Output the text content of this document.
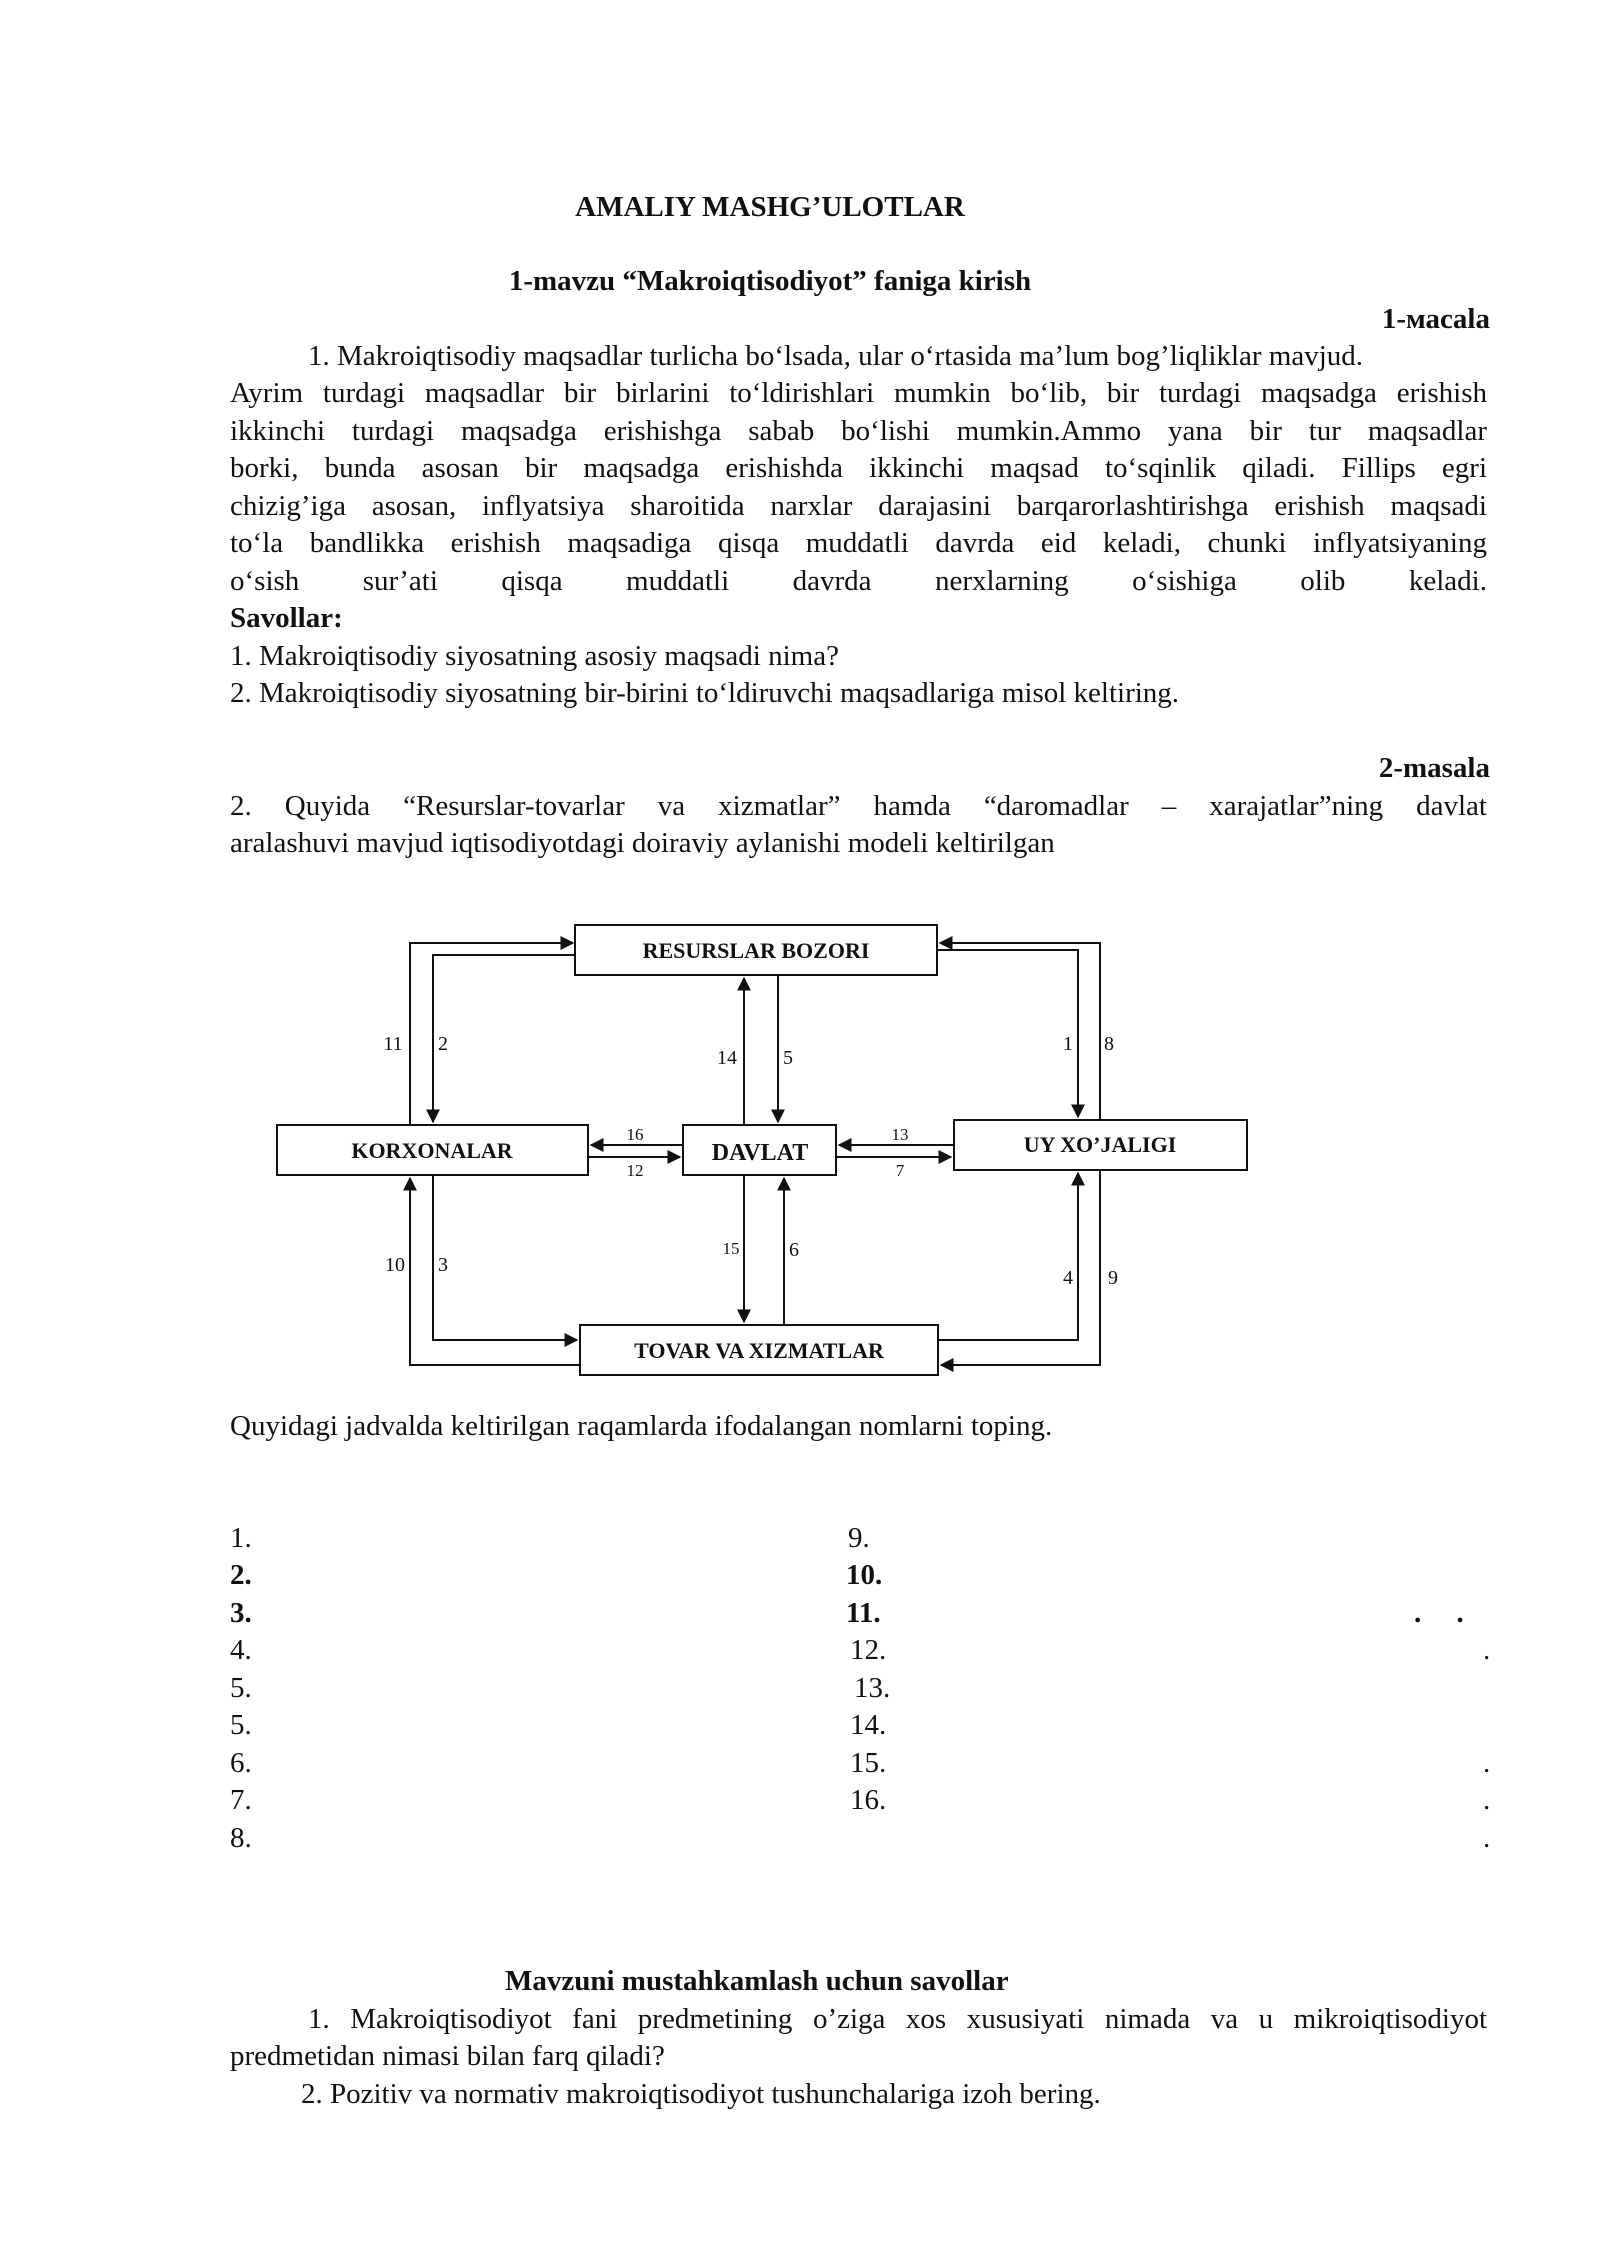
AMALIY MASHG’ULOTLAR
1-mavzu “Makroiqtisodiyot” faniga kirish
1-масala
1. Makroiqtisodiy maqsadlar turlicha bo‘lsada, ular o‘rtasida ma’lum bog’liqliklar mavjud.
Ayrim turdagi maqsadlar bir birlarini to‘ldirishlari mumkin bo‘lib, bir turdagi maqsadga erishish
ikkinchi turdagi maqsadga erishishga sabab bo‘lishi mumkin.Ammo yana bir tur maqsadlar
borki, bunda asosan bir maqsadga erishishda ikkinchi maqsad to‘sqinlik qiladi. Fillips egri
chizig’iga asosan, inflyatsiya sharoitida narxlar darajasini barqarorlashtirishga erishish maqsadi
to‘la bandlikka erishish maqsadiga qisqa muddatli davrda eid keladi, chunki inflyatsiyaning
o‘sish sur’ati qisqa muddatli davrda nerxlarning o‘sishiga olib keladi.
Savollar:
1. Makroiqtisodiy siyosatning asosiy maqsadi nima?
2. Makroiqtisodiy siyosatning bir-birini to‘ldiruvchi maqsadlariga misol keltiring.
2-masala
2. Quyida “Resurslar-tovarlar va xizmatlar” hamda “daromadlar – xarajatlar”ning davlat
aralashuvi mavjud iqtisodiyotdagi doiraviy aylanishi modeli keltirilgan
RESURSLAR BOZORI
KORXONALAR	DAVLAT	UY XO’JALIGI
TOVAR VA XIZMATLAR
11 2
14 5
1 8
16
12
13
7
10 3
15 6
4 9
Quyidagi jadvalda keltirilgan raqamlarda ifodalangan nomlarni toping.
1.
2.
3.
4.
5.
5.
6.
7.
8.
9.
10.
11.
12.
13.
14.
15.
16.
. .
.
.
.
.
Mavzuni mustahkamlash uchun savollar
1. Makroiqtisodiyot fani predmetining o’ziga xos xususiyati nimada va u mikroiqtisodiyot
predmetidan nimasi bilan farq qiladi?
2. Pozitiv va normativ makroiqtisodiyot tushunchalariga izoh bering.
